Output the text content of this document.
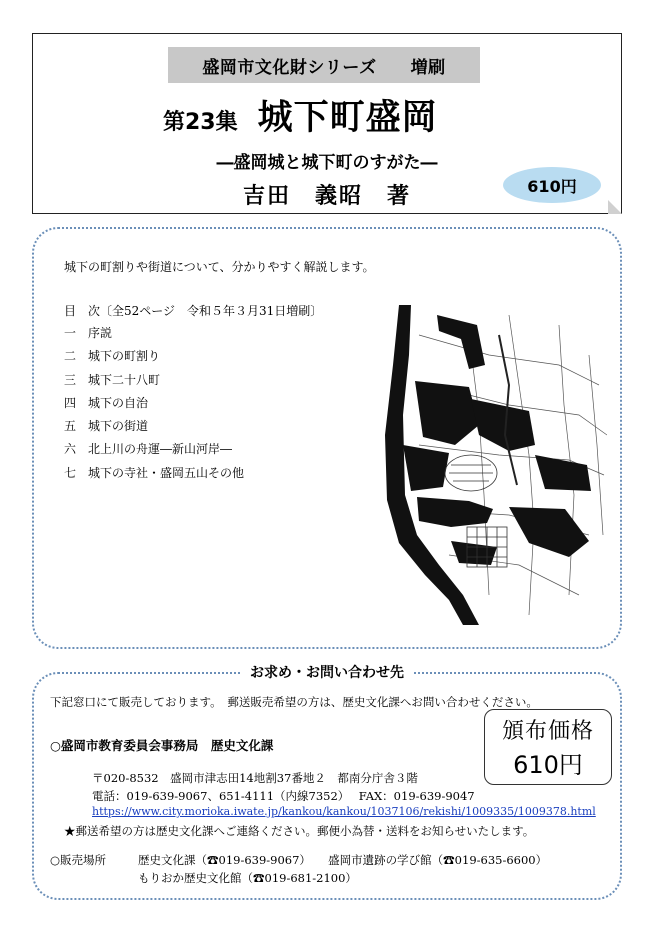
盛岡市文化財シリーズ 増刷
第23集 城下町盛岡
―盛岡城と城下町のすがた―
吉田　義昭　著	610円
城下の町割りや街道について、分かりやすく解説します。
目　次〔全52ページ　令和５年３月31日増刷〕
一 序説
二 城下の町割り
三 城下二十八町
四 城下の自治
五 城下の街道
六 北上川の舟運―新山河岸―
七 城下の寺社・盛岡五山その他
お求め・お問い合わせ先
下記窓口にて販売しております。　郵送販売希望の方は、歴史文化課へお問い合わせください。
○盛岡市教育委員会事務局　歴史文化課
〒020-8532　盛岡市津志田14地割37番地２　都南分庁舎３階
電話：019-639-9067、651-4111（内線7352）　 FAX：019-639-9047
https://www.city.morioka.iwate.jp/kankou/kankou/1037106/rekishi/1009335/1009378.html
★郵送希望の方は歴史文化課へご連絡ください。郵便小為替・送料をお知らせいたします。
○販売場所	歴史文化課（☎019-639-9067）　　盛岡市遺跡の学び館（☎019-635-6600）
もりおか歴史文化館（☎019-681-2100）
頒布価格
610円
